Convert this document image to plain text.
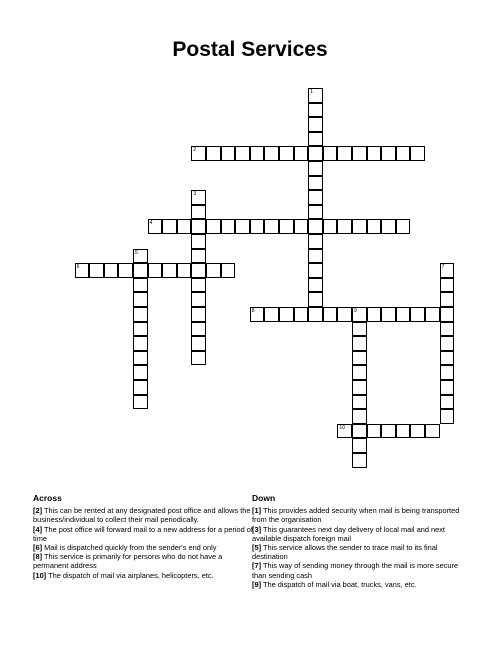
Postal Services
1
2
3
4
5
6	7
8	9
10
Across
[2] This can be rented at any designated post office and allows the business/individual to collect their mail periodically.
[4] The post office will forward mail to a new address for a period of time
[6] Mail is dispatched quickly from the sender's end only
[8] This service is primarily for persons who do not have a permanent address
[10] The dispatch of mail via airplanes, helicopters, etc.
Down
[1] This provides added security when mail is being transported from the organisation
[3] This guarantees next day delivery of local mail and next available dispatch foreign mail
[5] This service allows the sender to trace mail to its final destination
[7] This way of sending money through the mail is more secure than sending cash
[9] The dispatch of mail via boat, trucks, vans, etc.
